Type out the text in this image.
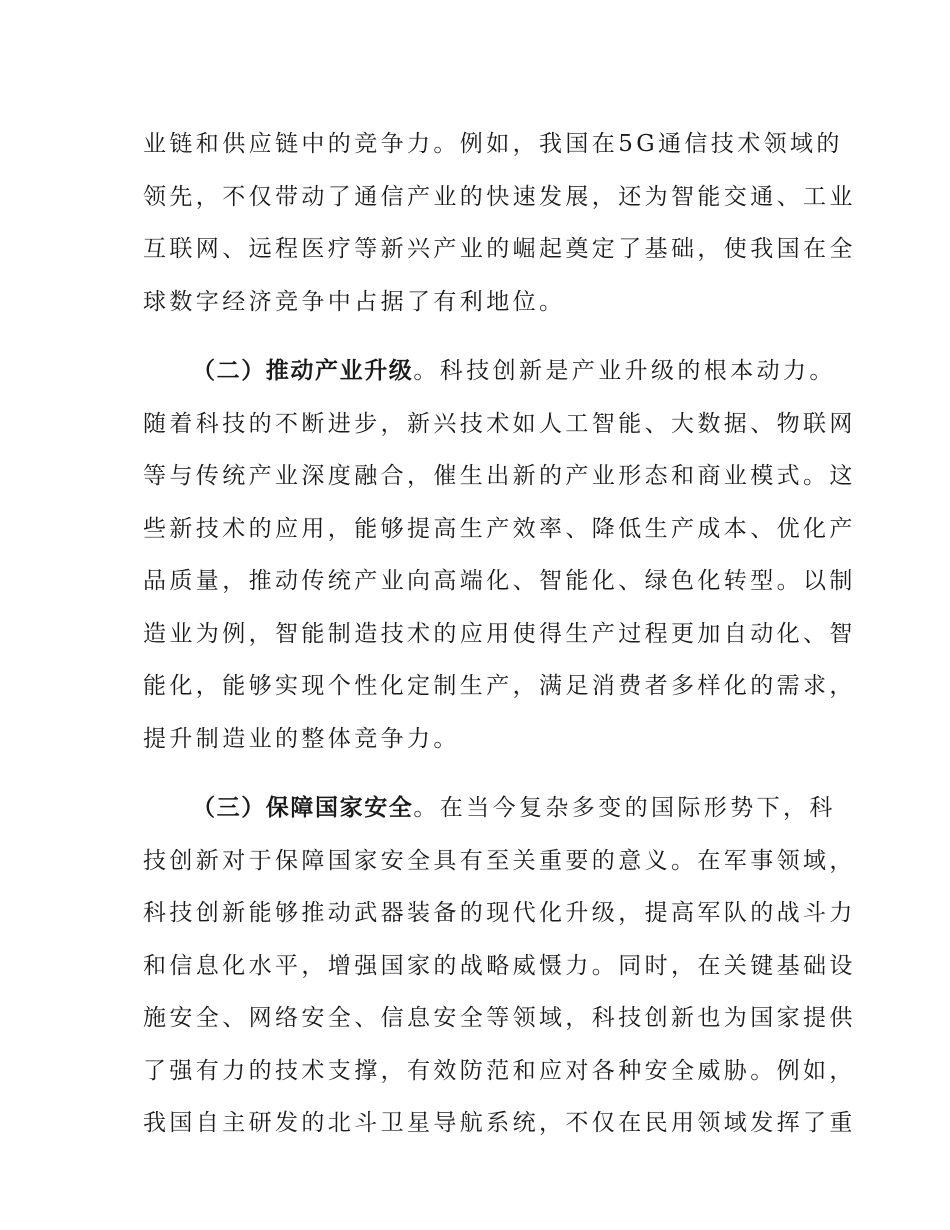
业链和供应链中的竞争力。例如，我国在5G通信技术领域的
领先，不仅带动了通信产业的快速发展，还为智能交通、工业
互联网、远程医疗等新兴产业的崛起奠定了基础，使我国在全
球数字经济竞争中占据了有利地位。
（二）推动产业升级。科技创新是产业升级的根本动力。
随着科技的不断进步，新兴技术如人工智能、大数据、物联网
等与传统产业深度融合，催生出新的产业形态和商业模式。这
些新技术的应用，能够提高生产效率、降低生产成本、优化产
品质量，推动传统产业向高端化、智能化、绿色化转型。以制
造业为例，智能制造技术的应用使得生产过程更加自动化、智
能化，能够实现个性化定制生产，满足消费者多样化的需求，
提升制造业的整体竞争力。
（三）保障国家安全。在当今复杂多变的国际形势下，科
技创新对于保障国家安全具有至关重要的意义。在军事领域，
科技创新能够推动武器装备的现代化升级，提高军队的战斗力
和信息化水平，增强国家的战略威慑力。同时，在关键基础设
施安全、网络安全、信息安全等领域，科技创新也为国家提供
了强有力的技术支撑，有效防范和应对各种安全威胁。例如，
我国自主研发的北斗卫星导航系统，不仅在民用领域发挥了重
